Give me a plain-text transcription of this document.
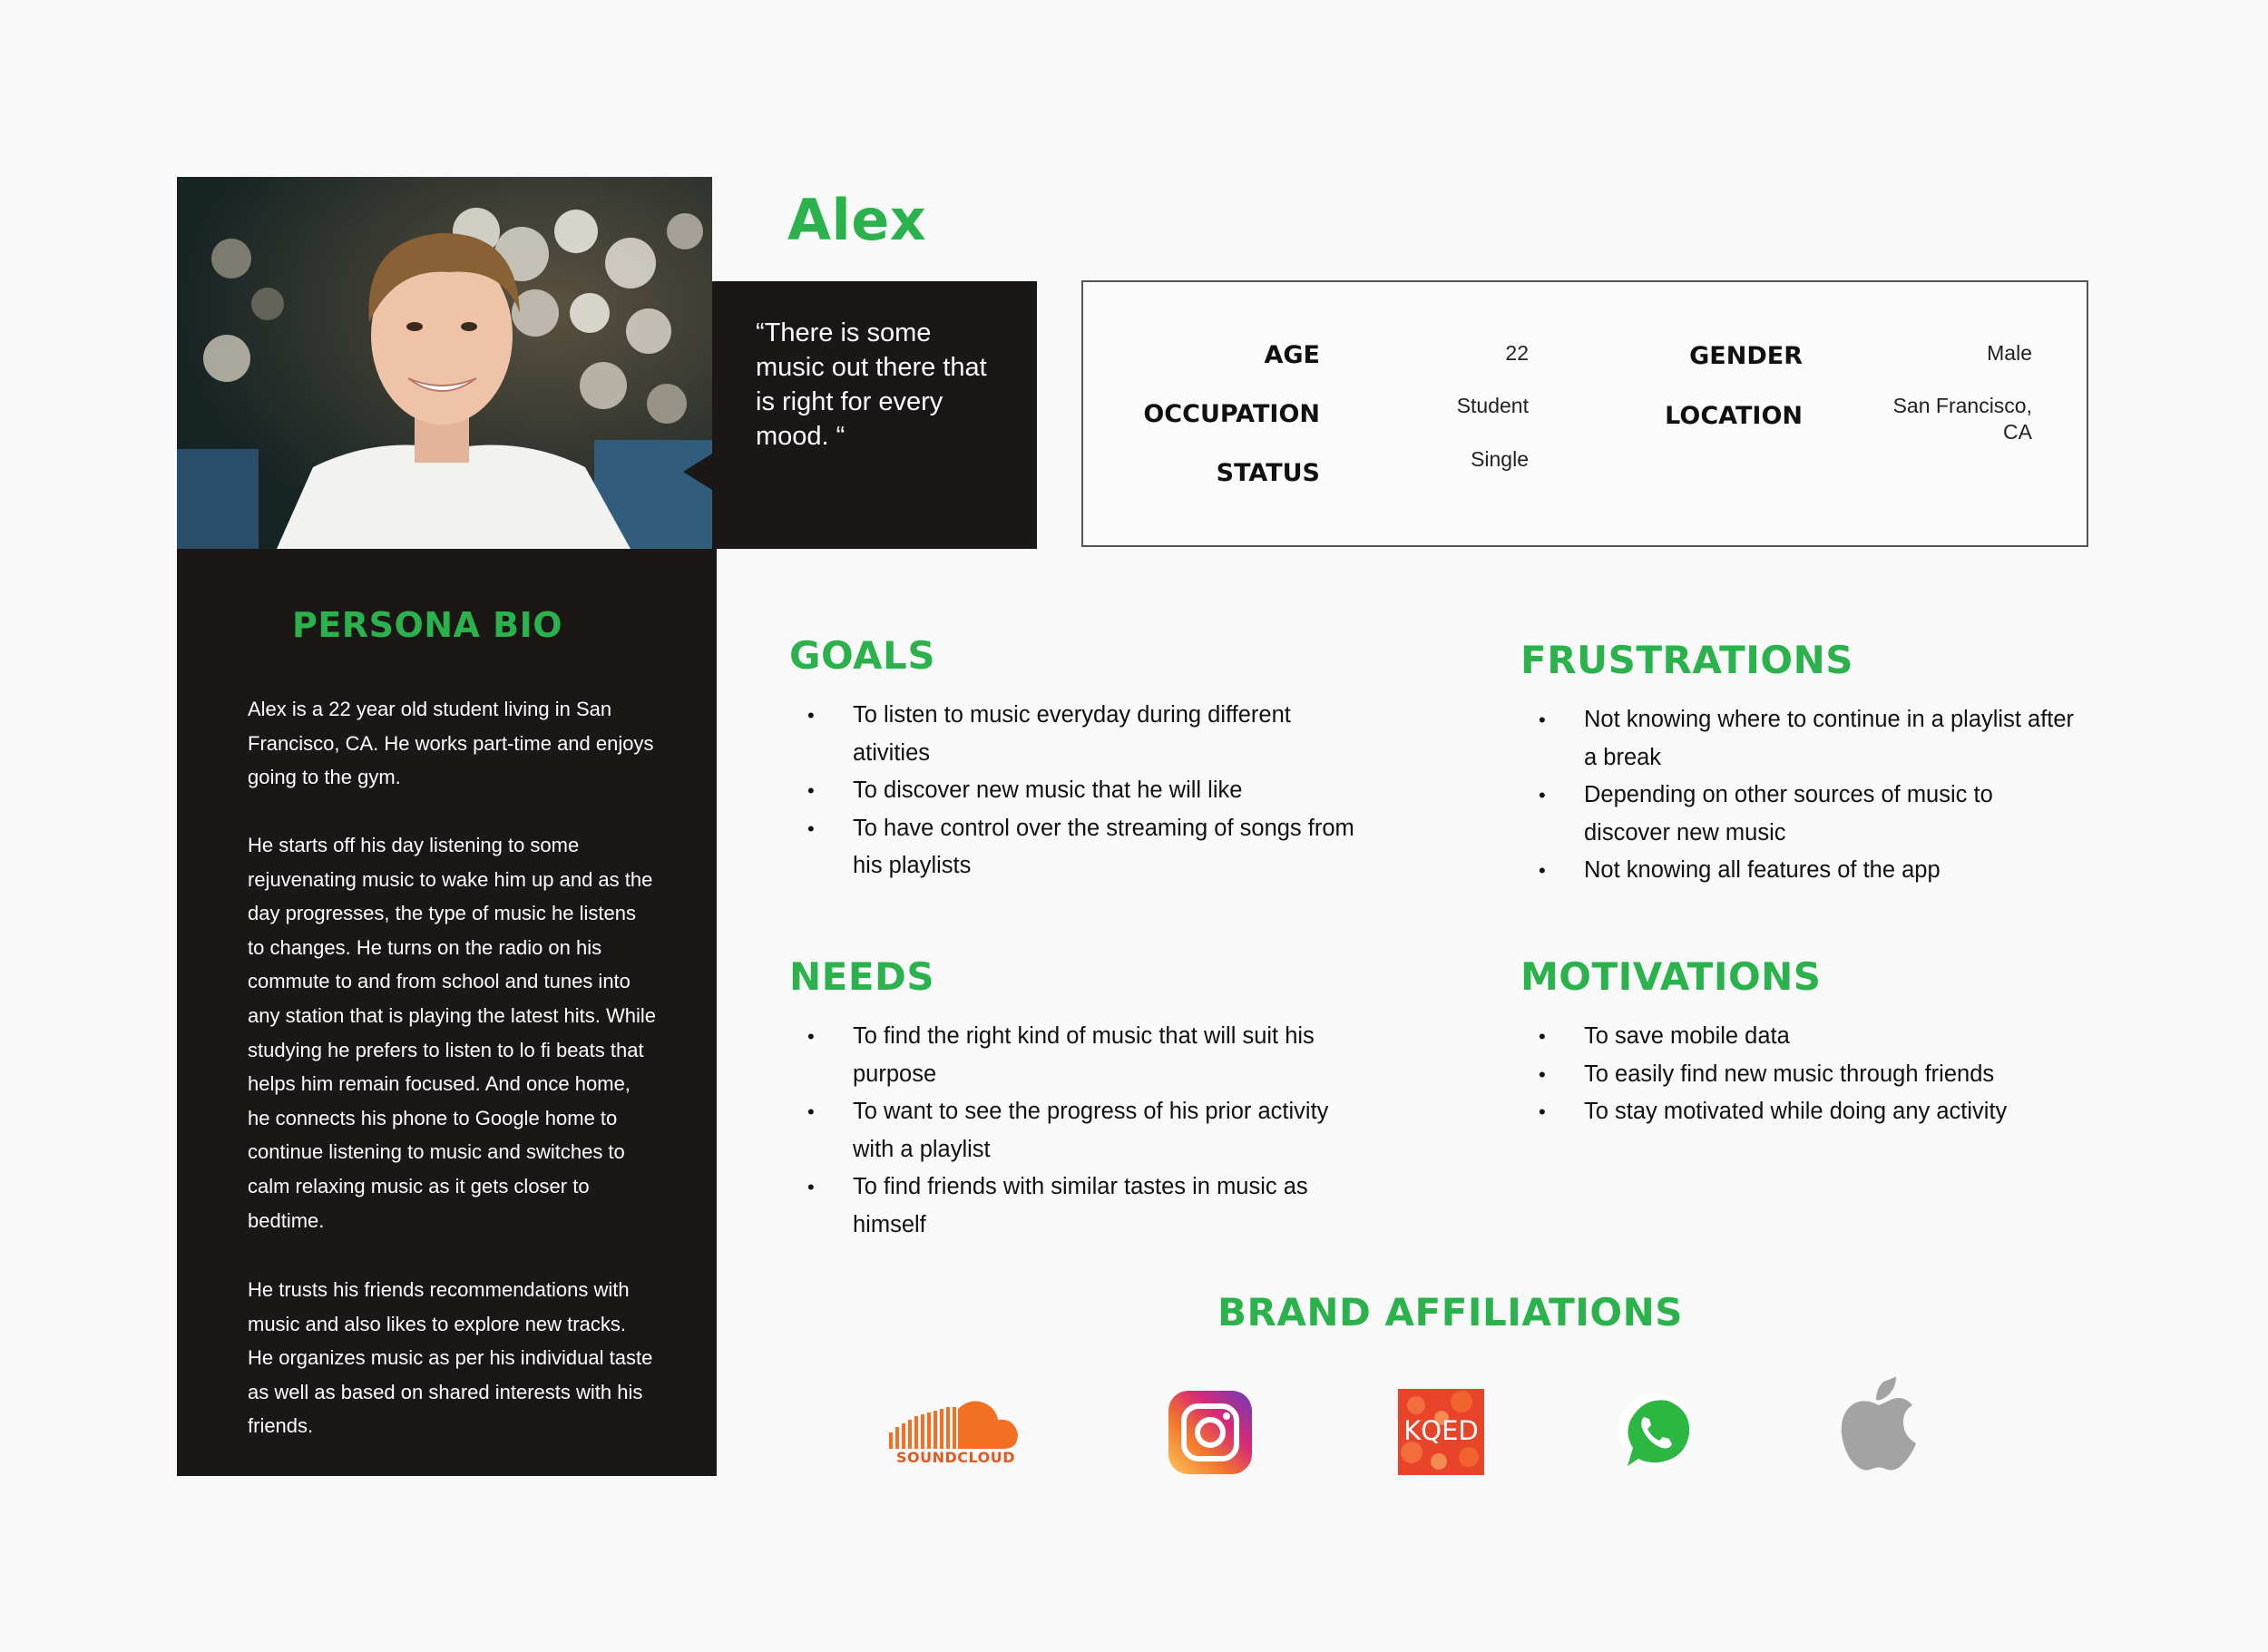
Alex
“There is some music out there that is right for every mood. “
AGE	22
OCCUPATION	Student
STATUS	Single
GENDER	Male
LOCATION	San Francisco,
CA
PERSONA BIO
Alex is a 22 year old student living in San Francisco, CA. He works part-time and enjoys going to the gym.
He starts off his day listening to some rejuvenating music to wake him up and as the day progresses, the type of music he listens to changes. He turns on the radio on his commute to and from school and tunes into any station that is playing the latest hits. While studying he prefers to listen to lo fi beats that helps him remain focused. And once home, he connects his phone to Google home to continue listening to music and switches to calm relaxing music as it gets closer to bedtime.
He trusts his friends recommendations with music and also likes to explore new tracks. He organizes music as per his individual taste as well as based on shared interests with his friends.
GOALS
• To listen to music everyday during different ativities
• To discover new music that he will like
• To have control over the streaming of songs from his playlists
FRUSTRATIONS
• Not knowing where to continue in a playlist after a break
• Depending on other sources of music to discover new music
• Not knowing all features of the app
NEEDS
• To find the right kind of music that will suit his purpose
• To want to see the progress of his prior activity with a playlist
• To find friends with similar tastes in music as himself
MOTIVATIONS
• To save mobile data
• To easily find new music through friends
• To stay motivated while doing any activity
BRAND AFFILIATIONS
SOUNDCLOUD
KQED
